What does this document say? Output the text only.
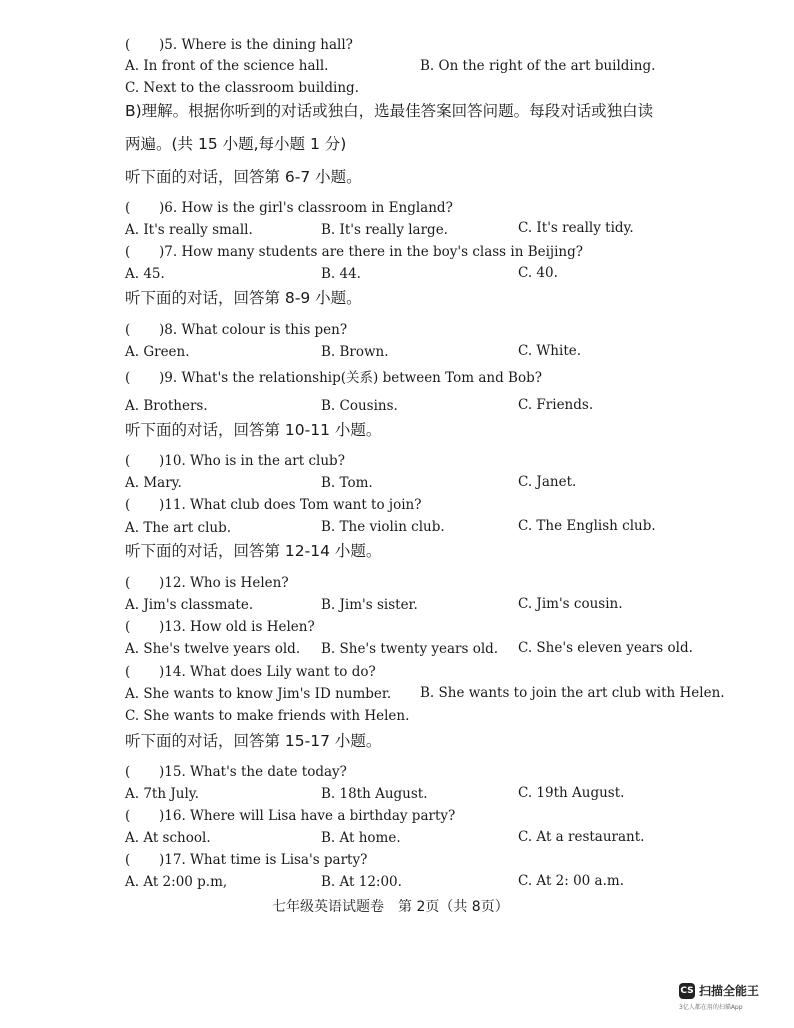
( )5. Where is the dining hall?
A. In front of the science hall.	B. On the right of the art building.
C. Next to the classroom building.
B)理解。根据你听到的对话或独白，选最佳答案回答问题。每段对话或独白读
两遍。(共 15 小题,每小题 1 分)
听下面的对话，回答第 6-7 小题。
( )6. How is the girl's classroom in England?
A. It's really small.	B. It's really large.	C. It's really tidy.
( )7. How many students are there in the boy's class in Beijing?
A. 45.	B. 44.	C. 40.
听下面的对话，回答第 8-9 小题。
( )8. What colour is this pen?
A. Green.	B. Brown.	C. White.
( )9. What's the relationship(关系) between Tom and Bob?
A. Brothers.	B. Cousins.	C. Friends.
听下面的对话，回答第 10-11 小题。
( )10. Who is in the art club?
A. Mary.	B. Tom.	C. Janet.
( )11. What club does Tom want to join?
A. The art club.	B. The violin club.	C. The English club.
听下面的对话，回答第 12-14 小题。
( )12. Who is Helen?
A. Jim's classmate.	B. Jim's sister.	C. Jim's cousin.
( )13. How old is Helen?
A. She's twelve years old. B. She's twenty years old. C. She's eleven years old.
( )14. What does Lily want to do?
A. She wants to know Jim's ID number. B. She wants to join the art club with Helen.
C. She wants to make friends with Helen.
听下面的对话，回答第 15-17 小题。
( )15. What's the date today?
A. 7th July.	B. 18th August.	C. 19th August.
( )16. Where will Lisa have a birthday party?
A. At school.	B. At home.	C. At a restaurant.
( )17. What time is Lisa's party?
A. At 2:00 p.m,	B. At 12:00.	C. At 2: 00 a.m.
七年级英语试题卷　第 2页（共 8页）
CS 扫描全能王
3亿人都在用的扫描App
